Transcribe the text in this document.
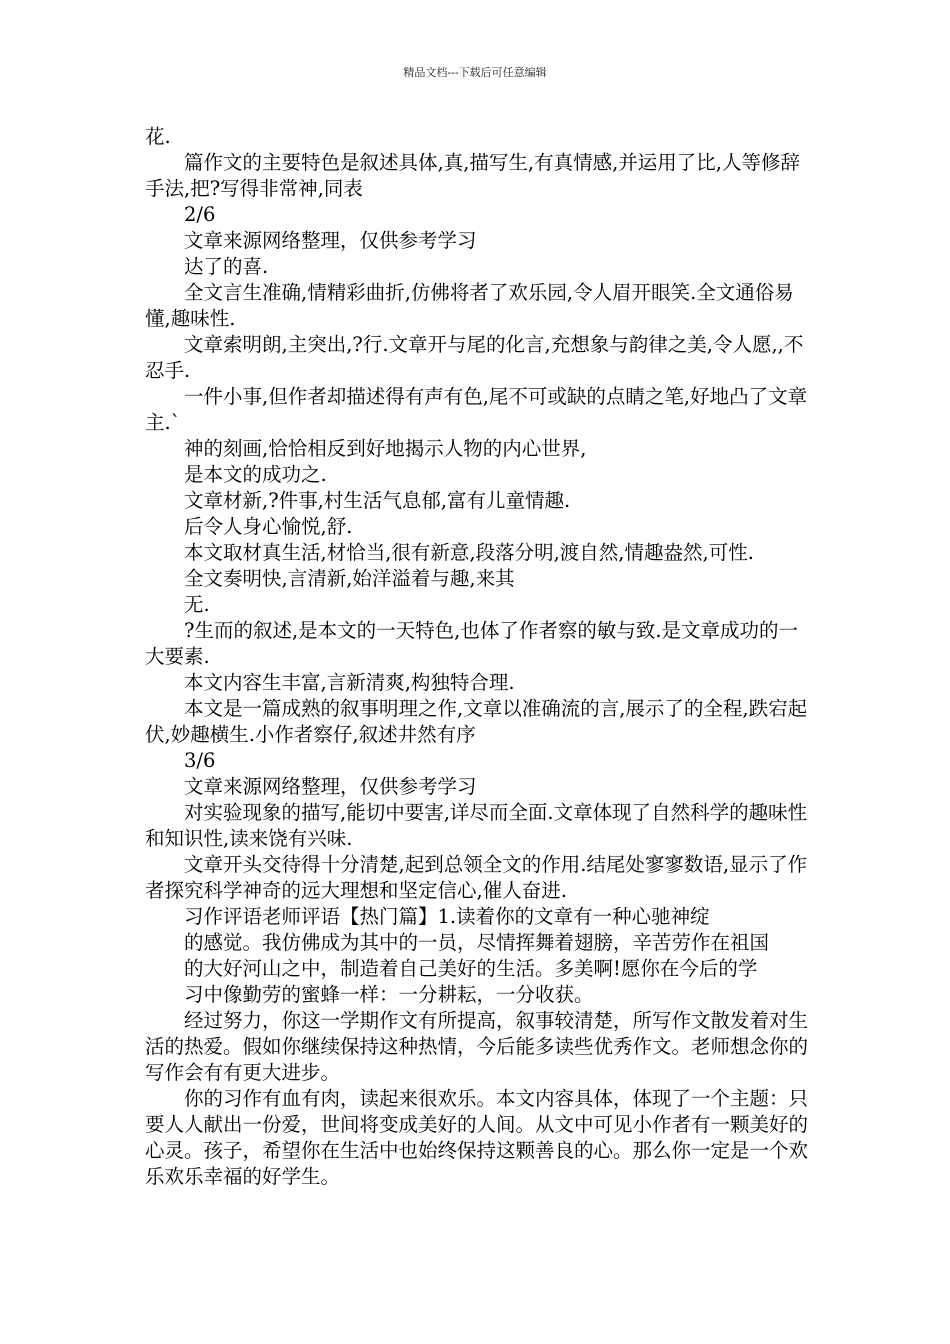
精品文档---下载后可任意编辑

花.

篇作文的主要特色是叙述具体,真,描写生,有真情感,并运用了比,人等修辞手法,把?写得非常神,同表

2/6

文章来源网络整理，仅供参考学习

达了的喜.

全文言生准确,情精彩曲折,仿佛将者了欢乐园,令人眉开眼笑.全文通俗易懂,趣味性.

文章索明朗,主突出,?行.文章开与尾的化言,充想象与韵律之美,令人愿,,不忍手.

一件小事,但作者却描述得有声有色,尾不可或缺的点睛之笔,好地凸了文章主.`

神的刻画,恰恰相反到好地揭示人物的内心世界,

是本文的成功之.

文章材新,?件事,村生活气息郁,富有儿童情趣.

后令人身心愉悦,舒.

本文取材真生活,材恰当,很有新意,段落分明,渡自然,情趣盎然,可性.

全文奏明快,言清新,始洋溢着与趣,来其

无.

?生而的叙述,是本文的一天特色,也体了作者察的敏与致.是文章成功的一大要素.

本文内容生丰富,言新清爽,构独特合理.

本文是一篇成熟的叙事明理之作,文章以准确流的言,展示了的全程,跌宕起伏,妙趣横生.小作者察仔,叙述井然有序

3/6

文章来源网络整理，仅供参考学习

对实验现象的描写,能切中要害,详尽而全面.文章体现了自然科学的趣味性和知识性,读来饶有兴味.

文章开头交待得十分清楚,起到总领全文的作用.结尾处寥寥数语,显示了作者探究科学神奇的远大理想和坚定信心,催人奋进.

习作评语老师评语【热门篇】1.读着你的文章有一种心驰神绽

的感觉。我仿佛成为其中的一员，尽情挥舞着翅膀，辛苦劳作在祖国

的大好河山之中，制造着自己美好的生活。多美啊!愿你在今后的学

习中像勤劳的蜜蜂一样：一分耕耘，一分收获。

经过努力，你这一学期作文有所提高，叙事较清楚，所写作文散发着对生活的热爱。假如你继续保持这种热情，今后能多读些优秀作文。老师想念你的写作会有有更大进步。

你的习作有血有肉，读起来很欢乐。本文内容具体，体现了一个主题：只要人人献出一份爱，世间将变成美好的人间。从文中可见小作者有一颗美好的心灵。孩子，希望你在生活中也始终保持这颗善良的心。那么你一定是一个欢乐欢乐幸福的好学生。
